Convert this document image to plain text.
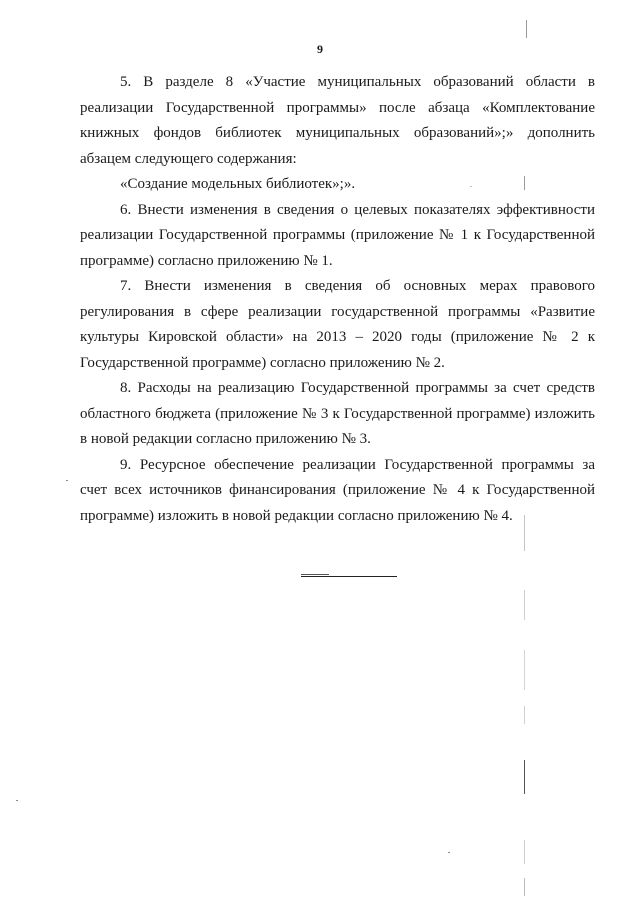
9

5. В разделе 8 «Участие муниципальных образований области в реализации Государственной программы» после абзаца «Комплектование книжных фондов библиотек муниципальных образований»;» дополнить абзацем следующего содержания:

«Создание модельных библиотек»;».

6. Внести изменения в сведения о целевых показателях эффективности реализации Государственной программы (приложение № 1 к Государственной программе) согласно приложению № 1.

7. Внести изменения в сведения об основных мерах правового регулирования в сфере реализации государственной программы «Развитие культуры Кировской области» на 2013 – 2020 годы (приложение № 2 к Государственной программе) согласно приложению № 2.

8. Расходы на реализацию Государственной программы за счет средств областного бюджета (приложение № 3 к Государственной программе) изложить в новой редакции согласно приложению № 3.

9. Ресурсное обеспечение реализации Государственной программы за счет всех источников финансирования (приложение № 4 к Государственной программе) изложить в новой редакции согласно приложению № 4.
